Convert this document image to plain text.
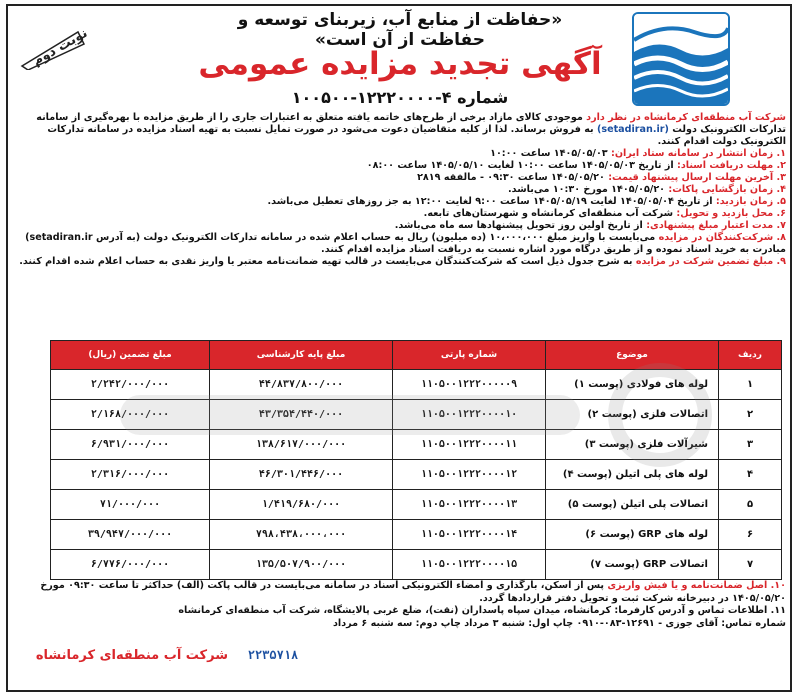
«حفاظت از منابع آب، زیربنای توسعه و حفاظت از آن است»
آگهی تجدید مزایده عمومی
شماره ۴-۱۲۲۲۰۰۰۰-۱۰۰۵۰۰
نوبت دوم

شرکت آب منطقه‌ای کرمانشاه در نظر دارد موجودی کالای مازاد برخی از طرح‌های خاتمه یافته متعلق به اعتبارات جاری را از طریق مزایده با بهره‌گیری از سامانه تدارکات الکترونیک دولت (setadiran.ir) به فروش برساند. لذا از کلیه متقاضیان دعوت می‌شود در صورت تمایل نسبت به تهیه اسناد مزایده در سامانه تدارکات الکترونیک دولت اقدام کنند.

۱. زمان انتشار در سامانه ستاد ایران: ۱۴۰۵/۰۵/۰۳ ساعت ۱۰:۰۰

۲. مهلت دریافت اسناد: از تاریخ ۱۴۰۵/۰۵/۰۳ ساعت ۱۰:۰۰ لغایت ۱۴۰۵/۰۵/۱۰ ساعت ۰۸:۰۰

۳. آخرین مهلت ارسال پیشنهاد قیمت: ۱۴۰۵/۰۵/۲۰ ساعت ۰۹:۳۰ - مالفقه ۲۸۱۹

۴. زمان بازگشایی پاکات: ۱۴۰۵/۰۵/۲۰ مورخ ۱۰:۳۰ می‌باشد.

۵. زمان بازدید: از تاریخ ۱۴۰۵/۰۵/۰۴ لغایت ۱۴۰۵/۰۵/۱۹ ساعت ۹:۰۰ لغایت ۱۲:۰۰ به جز روزهای تعطیل می‌باشد.

۶. محل بازدید و تحویل: شرکت آب منطقه‌ای کرمانشاه و شهرستان‌های تابعه.

۷. مدت اعتبار مبلغ پیشنهادی: از تاریخ اولین روز تحویل پیشنهادها سه ماه می‌باشد.

۸. شرکت‌کنندگان در مزایده می‌بایست با واریز مبلغ ۱۰،۰۰۰،۰۰۰ (ده میلیون) ریال به حساب اعلام شده در سامانه تدارکات الکترونیک دولت (به آدرس setadiran.ir) مبادرت به خرید اسناد نموده و از طریق درگاه مورد اشاره نسبت به دریافت اسناد مزایده اقدام کنند.

۹. مبلغ تضمین شرکت در مزایده به شرح جدول ذیل است که شرکت‌کنندگان می‌بایست در قالب تهیه ضمانت‌نامه معتبر یا واریز نقدی به حساب اعلام شده اقدام کنند.

ردیف	موضوع	شماره پارتی	مبلغ پایه کارشناسی	مبلغ تضمین (ریال)
۱	لوله های فولادی (پوست ۱)	۱۱۰۵۰۰۱۲۲۲۰۰۰۰۰۹	۴۴/۸۳۷/۸۰۰/۰۰۰	۲/۲۴۲/۰۰۰/۰۰۰
۲	اتصالات فلزی (پوست ۲)	۱۱۰۵۰۰۱۲۲۲۰۰۰۰۱۰	۴۳/۳۵۴/۴۴۰/۰۰۰	۲/۱۶۸/۰۰۰/۰۰۰
۳	شیرآلات فلزی (پوست ۳)	۱۱۰۵۰۰۱۲۲۲۰۰۰۰۱۱	۱۳۸/۶۱۷/۰۰۰/۰۰۰	۶/۹۳۱/۰۰۰/۰۰۰
۴	لوله های پلی اتیلن (پوست ۴)	۱۱۰۵۰۰۱۲۲۲۰۰۰۰۱۲	۴۶/۳۰۱/۴۴۶/۰۰۰	۲/۳۱۶/۰۰۰/۰۰۰
۵	اتصالات پلی اتیلن (پوست ۵)	۱۱۰۵۰۰۱۲۲۲۰۰۰۰۱۳	۱/۴۱۹/۶۸۰/۰۰۰	۷۱/۰۰۰/۰۰۰
۶	لوله های GRP (پوست ۶)	۱۱۰۵۰۰۱۲۲۲۰۰۰۰۱۴	۷۹۸،۴۳۸،۰۰۰،۰۰۰	۳۹/۹۴۷/۰۰۰/۰۰۰
۷	اتصالات GRP (پوست ۷)	۱۱۰۵۰۰۱۲۲۲۰۰۰۰۱۵	۱۳۵/۵۰۷/۹۰۰/۰۰۰	۶/۷۷۶/۰۰۰/۰۰۰

۱۰. اصل ضمانت‌نامه و یا فیش واریزی پس از اسکن، بارگذاری و امضاء الکترونیکی اسناد در سامانه می‌بایست در قالب پاکت (الف) حداکثر تا ساعت ۰۹:۳۰ مورخ ۱۴۰۵/۰۵/۲۰ در دبیرخانه شرکت ثبت و تحویل دفتر قراردادها گردد.

۱۱. اطلاعات تماس و آدرس کارفرما: کرمانشاه، میدان سپاه پاسداران (نقت)، ضلع غربی پالایشگاه، شرکت آب منطقه‌ای کرمانشاه

شماره تماس: آقای جوزی - ۱۲۶۹۱-۰۸۳-۰۹۱۰ چاپ اول: شنبه ۳ مرداد چاپ دوم: سه شنبه ۶ مرداد

شرکت آب منطقه‌ای کرمانشاه	۲۲۳۵۷۱۸
